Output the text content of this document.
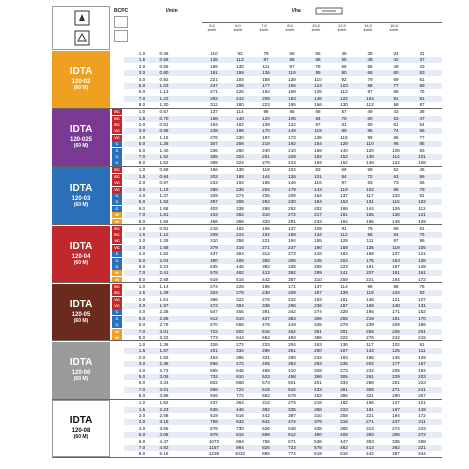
BCPC	l/min	l/ha
5,0
km/h
6,0
km/h
7,0
km/h
8,0
km/h
10,0
km/h
12,0
km/h
14,0
km/h
16,0
km/h
IDTA
120-02
(60 M)
1.0	0.46	110	92	79	69	55	46	39	34	31
1.5	0.56	135	113	97	85	68	56	48	42	37
2.0	0.65	156	130	111	97	78	65	56	49	43
3.0	0.80	191	159	136	119	95	80	68	60	53
4.0	0.92	221	184	158	138	110	92	79	69	61
5.0	1.03	247	206	177	155	124	103	88	77	69
6.0	1.13	271	226	194	169	135	113	97	85	75
7.0	1.22	292	244	209	183	146	122	104	91	81
8.0	1.30	312	260	223	195	156	130	112	98	87
IDTA
120-025
(60 M)
EC	1.0	0.57	137	114	98	86	68	57	49	43	38
EC	1.5	0.70	168	140	120	105	84	70	60	53	47
EC	2.0	0.81	194	162	139	122	97	81	69	61	54
VC	3.0	0.99	238	198	170	149	119	99	85	74	66
VC	4.0	1.15	276	230	197	173	138	115	99	86	77
C	5.0	1.28	307	256	219	192	154	128	110	96	85
C	6.0	1.40	336	280	240	210	168	140	120	105	93
C	7.0	1.52	365	304	261	228	182	152	130	114	101
C	8.0	1.62	389	324	278	243	194	162	139	122	108
IDTA
120-03
(60 M)
EC	1.0	0.69	166	138	118	104	83	69	59	52	46
EC	1.5	0.84	202	168	144	126	101	84	72	63	56
VC	2.0	0.97	233	194	166	146	116	97	83	73	65
VC	3.0	1.19	286	238	204	179	143	119	102	89	79
C	4.0	1.37	329	274	235	206	164	137	117	103	91
C	5.0	1.53	367	306	262	230	184	153	131	115	102
C	6.0	1.68	403	336	288	252	202	168	144	126	112
M	7.0	1.81	434	362	310	272	217	181	155	136	121
M	8.0	1.94	466	388	333	291	233	194	166	146	129
IDTA
120-04
(60 M)
EC	1.0	0.91	218	182	156	137	109	91	78	68	61
EC	1.5	1.12	269	224	192	168	134	112	96	84	75
VC	2.0	1.29	310	258	221	194	155	129	111	97	86
VC	3.0	1.58	379	316	271	237	190	158	135	119	105
C	4.0	1.82	437	364	312	273	218	182	156	137	121
C	5.0	2.04	490	408	350	306	245	204	175	153	136
C	6.0	2.23	535	446	382	335	268	223	191	167	149
M	7.0	2.41	578	482	413	362	289	241	207	181	161
M	8.0	2.58	619	516	442	387	310	258	221	194	172
IDTA
120-05
(60 M)
EC	1.0	1.14	274	228	195	171	137	114	98	86	76
EC	1.5	1.39	334	278	238	209	167	139	119	104	93
VC	2.0	1.61	386	322	276	242	193	161	138	121	107
VC	3.0	1.97	473	394	338	296	236	197	169	148	131
C	4.0	2.28	547	456	391	342	274	228	195	171	152
C	5.0	2.55	612	510	437	383	306	255	219	191	170
C	6.0	2.79	670	558	478	419	335	279	239	209	186
M	7.0	3.01	722	602	516	452	361	301	258	226	201
M	8.0	3.22	773	644	552	483	386	322	276	242	215
IDTA
120-06
(60 M)
1.0	1.36	326	272	233	204	163	136	117	102	91
1.5	1.67	401	334	286	251	200	167	143	125	111
2.0	1.93	463	386	331	290	232	193	165	145	129
3.0	2.36	566	472	405	354	283	236	202	177	157
4.0	2.73	655	546	468	410	328	273	234	205	182
5.0	3.05	732	610	523	458	366	305	261	229	203
6.0	3.34	802	668	573	501	401	334	286	251	223
7.0	3.61	866	722	619	542	433	361	309	271	241
8.0	3.86	926	772	662	579	463	386	331	290	257
IDTA
120-08
(60 M)
1.0	1.82	437	364	312	273	218	182	156	137	121
1.5	2.23	535	446	382	335	268	223	191	167	149
2.0	2.58	619	516	442	387	310	258	221	194	172
3.0	3.16	758	632	542	474	379	316	271	237	211
4.0	3.65	876	730	626	548	438	365	313	274	243
5.0	4.08	979	816	699	612	490	408	350	306	272
6.0	4.47	1073	894	766	671	536	447	383	335	298
7.0	4.82	1157	964	826	723	578	482	413	362	321
8.0	5.16	1238	1032	885	774	619	516	442	387	344
